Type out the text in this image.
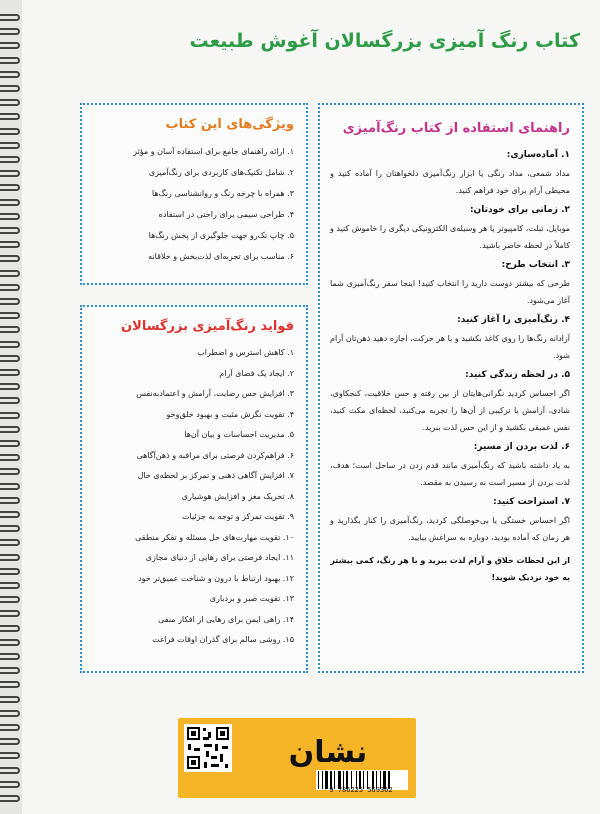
کتاب رنگ آمیزی بزرگسالان آغوش طبیعت
راهنمای استفاده از کتاب رنگ‌آمیزی

۱. آماده‌سازی:

مداد شمعی، مداد رنگی یا ابزار رنگ‌آمیزی دلخواهتان را آماده کنید و محیطی آرام برای خود فراهم کنید.

۲. زمانی برای خودتان:

موبایل، تبلت، کامپیوتر یا هر وسیله‌ی الکترونیکی دیگری را خاموش کنید و کاملاً در لحظه حاضر باشید.

۳. انتخاب طرح:

طرحی که بیشتر دوست دارید را انتخاب کنید! اینجا سفر رنگ‌آمیزی شما آغاز می‌شود.

۴. رنگ‌آمیزی را آغاز کنید:

آزادانه رنگ‌ها را روی کاغذ بکشید و با هر حرکت، اجازه دهید ذهن‌تان آرام شود.

۵. در لحظه زندگی کنید:

اگر احساس کردید نگرانی‌هایتان از بین رفته و حس خلاقیت، کنجکاوی، شادی، آرامش یا ترکیبی از آن‌ها را تجربه می‌کنید، لحظه‌ای مکث کنید، نفس عمیقی بکشید و از این حس لذت ببرید.

۶. لذت بردن از مسیر:

به یاد داشته باشید که رنگ‌آمیزی مانند قدم زدن در ساحل است؛ هدف، لذت بردن از مسیر است نه رسیدن به مقصد.

۷. استراحت کنید:

اگر احساس خستگی یا بی‌حوصلگی کردید، رنگ‌آمیزی را کنار بگذارید و هر زمان که آماده بودید، دوباره به سراغش بیایید.

از این لحظات خلاق و آرام لذت ببرید و با هر رنگ، کمی بیشتر به خود نزدیک شوید!

ویژگی‌های این کتاب
۱. ارائه راهنمای جامع برای استفاده آسان و مؤثر
۲. شامل تکنیک‌های کاربردی برای رنگ‌آمیزی
۳. همراه با چرخه رنگ و روانشناسی رنگ‌ها
۴. طراحی سیمی برای راحتی در استفاده
۵. چاپ تک‌رو جهت جلوگیری از پخش رنگ‌ها
۶. مناسب برای تجربه‌ای لذت‌بخش و خلاقانه
فواید رنگ‌آمیزی بزرگسالان
۱. کاهش استرس و اضطراب
۲. ایجاد یک فضای آرام
۳. افزایش حس رضایت، آرامش و اعتماد‌به‌نفس
۴. تقویت نگرش مثبت و بهبود خلق‌وخو
۵. مدیریت احساسات و بیان آن‌ها
۶. فراهم‌کردن فرصتی برای مراقبه و ذهن‌آگاهی
۷. افزایش آگاهی ذهنی و تمرکز بر لحظه‌ی حال
۸. تحریک مغز و افزایش هوشیاری
۹. تقویت تمرکز و توجه به جزئیات
۱۰. تقویت مهارت‌های حل مسئله و تفکر منطقی
۱۱. ایجاد فرصتی برای رهایی از دنیای مجازی
۱۲. بهبود ارتباط با درون و شناخت عمیق‌تر خود
۱۳. تقویت صبر و بردباری
۱۴. راهی ایمن برای رهایی از افکار منفی
۱۵. روشی سالم برای گذران اوقات فراغت
نشان
9 786225 569362
